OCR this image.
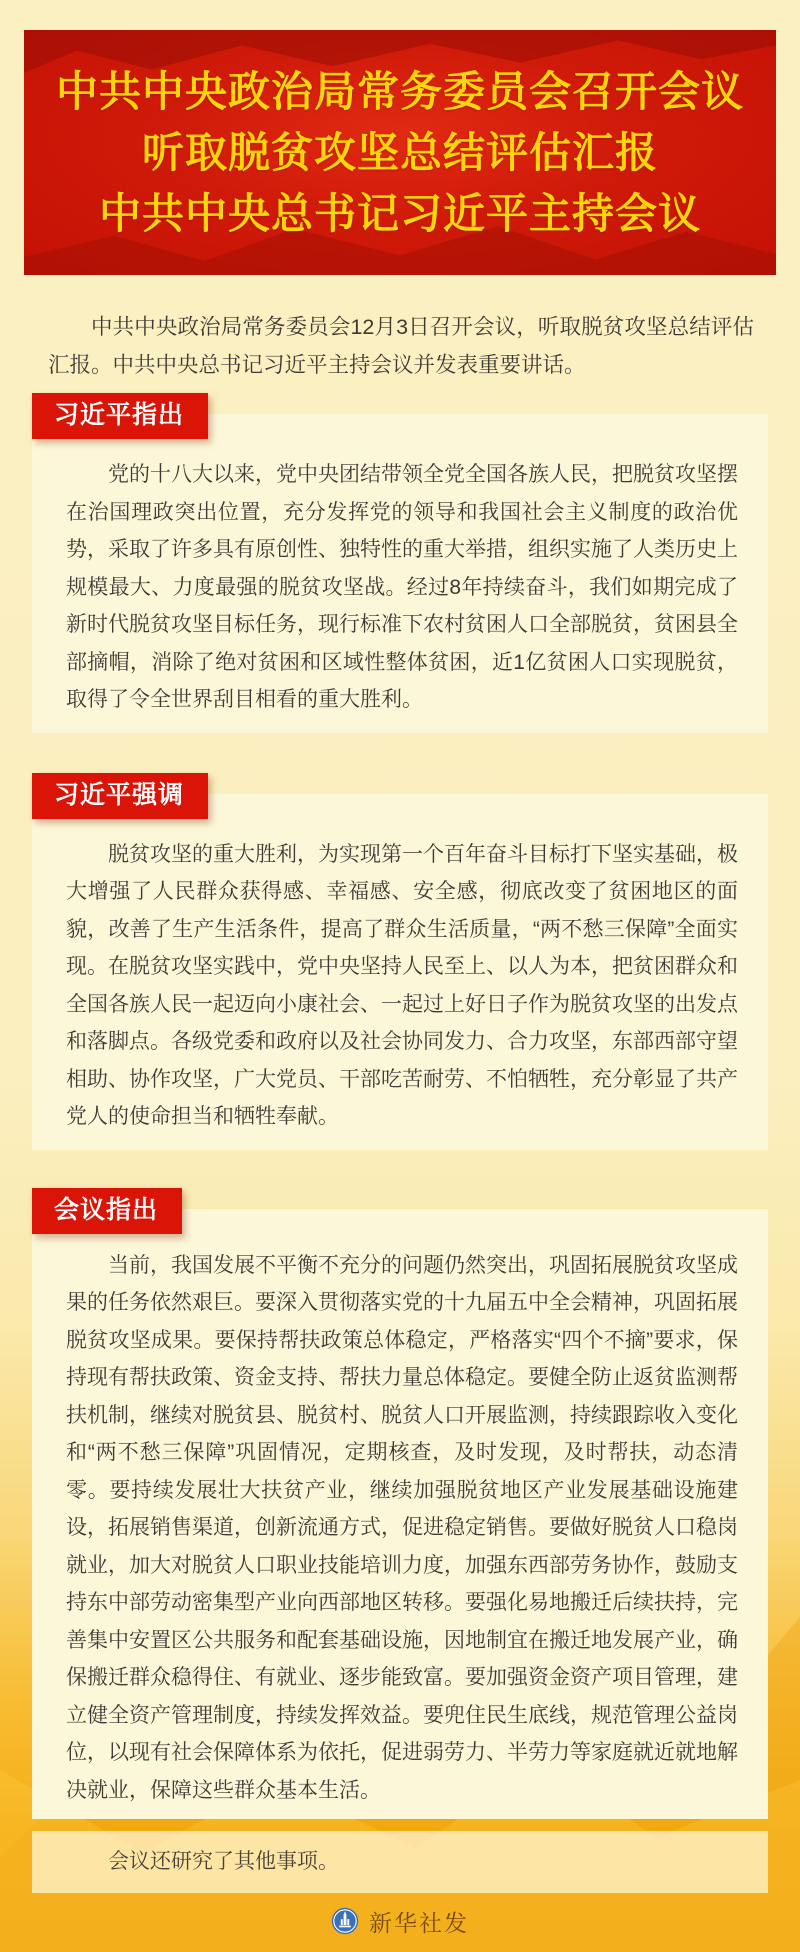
中共中央政治局常务委员会召开会议
听取脱贫攻坚总结评估汇报
中共中央总书记习近平主持会议

中共中央政治局常务委员会12月3日召开会议，听取脱贫攻坚总结评估汇报。中共中央总书记习近平主持会议并发表重要讲话。

习近平指出

党的十八大以来，党中央团结带领全党全国各族人民，把脱贫攻坚摆在治国理政突出位置，充分发挥党的领导和我国社会主义制度的政治优势，采取了许多具有原创性、独特性的重大举措，组织实施了人类历史上规模最大、力度最强的脱贫攻坚战。经过8年持续奋斗，我们如期完成了新时代脱贫攻坚目标任务，现行标准下农村贫困人口全部脱贫，贫困县全部摘帽，消除了绝对贫困和区域性整体贫困，近1亿贫困人口实现脱贫，取得了令全世界刮目相看的重大胜利。

习近平强调

脱贫攻坚的重大胜利，为实现第一个百年奋斗目标打下坚实基础，极大增强了人民群众获得感、幸福感、安全感，彻底改变了贫困地区的面貌，改善了生产生活条件，提高了群众生活质量，“两不愁三保障”全面实现。在脱贫攻坚实践中，党中央坚持人民至上、以人为本，把贫困群众和全国各族人民一起迈向小康社会、一起过上好日子作为脱贫攻坚的出发点和落脚点。各级党委和政府以及社会协同发力、合力攻坚，东部西部守望相助、协作攻坚，广大党员、干部吃苦耐劳、不怕牺牲，充分彰显了共产党人的使命担当和牺牲奉献。

会议指出

当前，我国发展不平衡不充分的问题仍然突出，巩固拓展脱贫攻坚成果的任务依然艰巨。要深入贯彻落实党的十九届五中全会精神，巩固拓展脱贫攻坚成果。要保持帮扶政策总体稳定，严格落实“四个不摘”要求，保持现有帮扶政策、资金支持、帮扶力量总体稳定。要健全防止返贫监测帮扶机制，继续对脱贫县、脱贫村、脱贫人口开展监测，持续跟踪收入变化和“两不愁三保障”巩固情况，定期核查，及时发现，及时帮扶，动态清零。要持续发展壮大扶贫产业，继续加强脱贫地区产业发展基础设施建设，拓展销售渠道，创新流通方式，促进稳定销售。要做好脱贫人口稳岗就业，加大对脱贫人口职业技能培训力度，加强东西部劳务协作，鼓励支持东中部劳动密集型产业向西部地区转移。要强化易地搬迁后续扶持，完善集中安置区公共服务和配套基础设施，因地制宜在搬迁地发展产业，确保搬迁群众稳得住、有就业、逐步能致富。要加强资金资产项目管理，建立健全资产管理制度，持续发挥效益。要兜住民生底线，规范管理公益岗位，以现有社会保障体系为依托，促进弱劳力、半劳力等家庭就近就地解决就业，保障这些群众基本生活。

会议还研究了其他事项。

新华社发
